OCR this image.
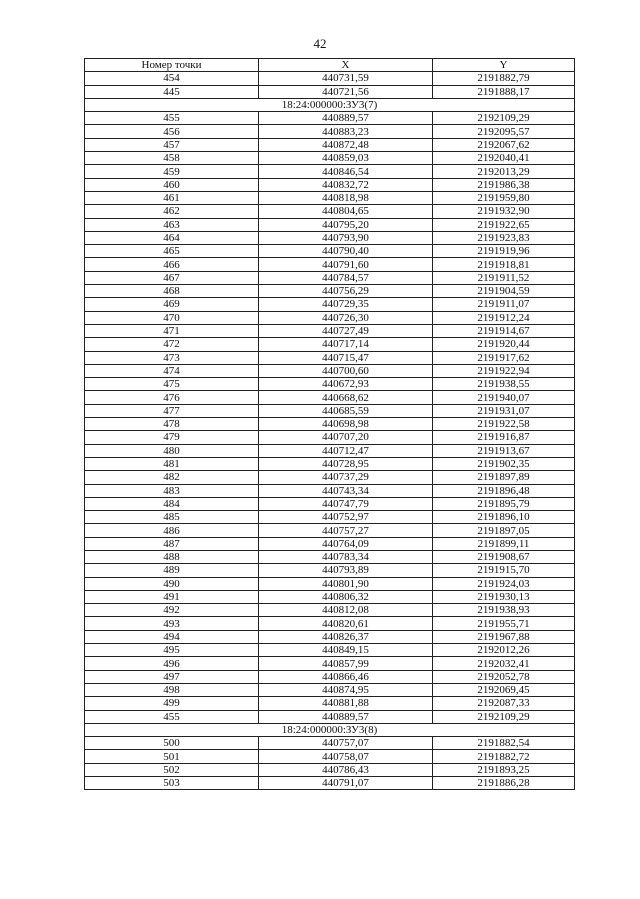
42
Номер точки	X	Y
454	440731,59	2191882,79
445	440721,56	2191888,17
18:24:000000:ЗУ3(7)		
455	440889,57	2192109,29
456	440883,23	2192095,57
457	440872,48	2192067,62
458	440859,03	2192040,41
459	440846,54	2192013,29
460	440832,72	2191986,38
461	440818,98	2191959,80
462	440804,65	2191932,90
463	440795,20	2191922,65
464	440793,90	2191923,83
465	440790,40	2191919,96
466	440791,60	2191918,81
467	440784,57	2191911,52
468	440756,29	2191904,59
469	440729,35	2191911,07
470	440726,30	2191912,24
471	440727,49	2191914,67
472	440717,14	2191920,44
473	440715,47	2191917,62
474	440700,60	2191922,94
475	440672,93	2191938,55
476	440668,62	2191940,07
477	440685,59	2191931,07
478	440698,98	2191922,58
479	440707,20	2191916,87
480	440712,47	2191913,67
481	440728,95	2191902,35
482	440737,29	2191897,89
483	440743,34	2191896,48
484	440747,79	2191895,79
485	440752,97	2191896,10
486	440757,27	2191897,05
487	440764,09	2191899,11
488	440783,34	2191908,67
489	440793,89	2191915,70
490	440801,90	2191924,03
491	440806,32	2191930,13
492	440812,08	2191938,93
493	440820,61	2191955,71
494	440826,37	2191967,88
495	440849,15	2192012,26
496	440857,99	2192032,41
497	440866,46	2192052,78
498	440874,95	2192069,45
499	440881,88	2192087,33
455	440889,57	2192109,29
18:24:000000:ЗУ3(8)		
500	440757,07	2191882,54
501	440758,07	2191882,72
502	440786,43	2191893,25
503	440791,07	2191886,28
